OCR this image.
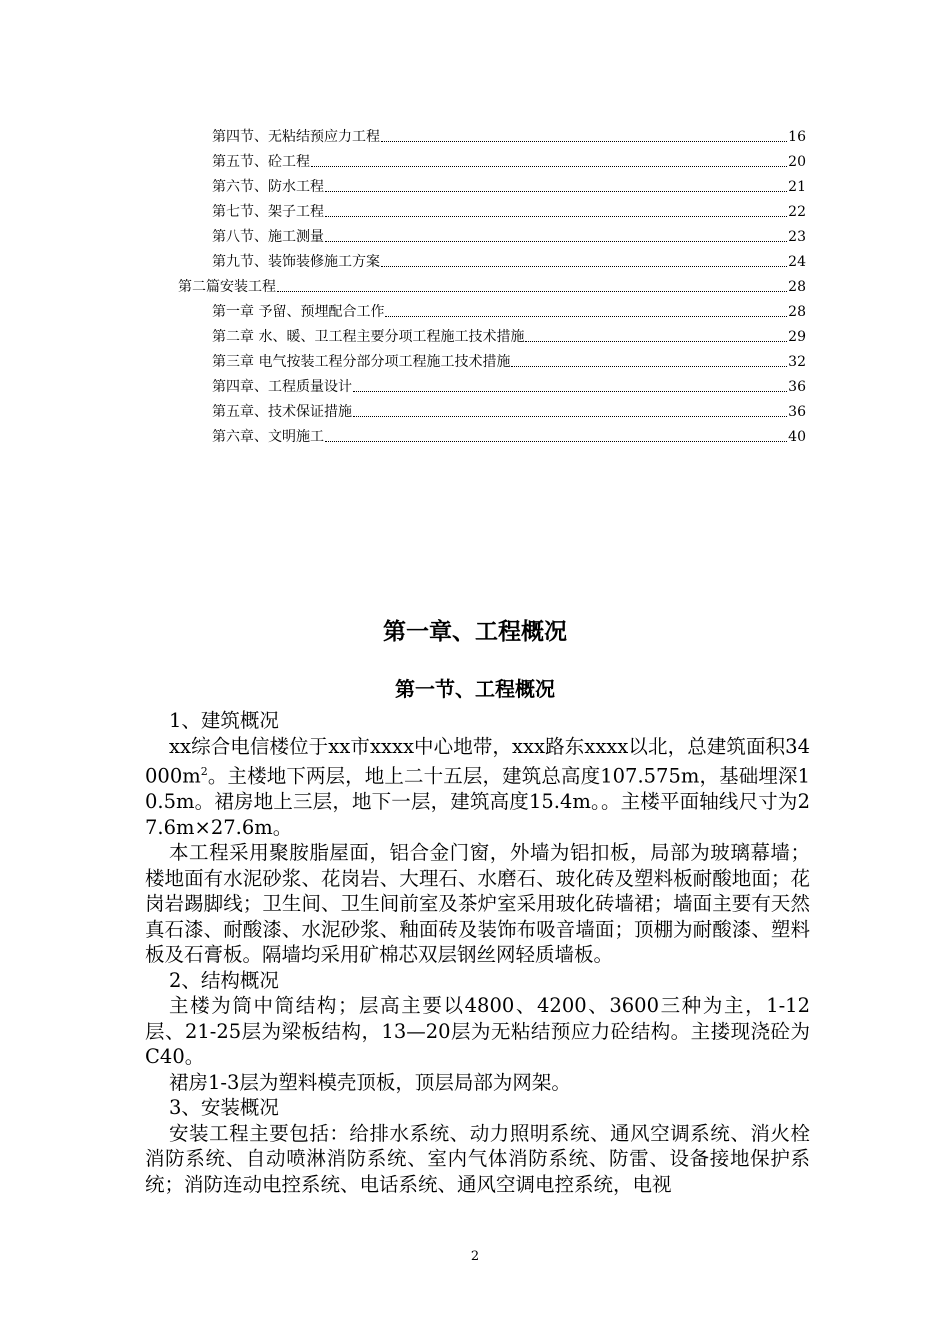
第四节、无粘结预应力工程	16
第五节、砼工程	20
第六节、防水工程	21
第七节、架子工程	22
第八节、施工测量	23
第九节、装饰装修施工方案	24
第二篇安装工程	28
第一章 予留、预埋配合工作	28
第二章 水、暖、卫工程主要分项工程施工技术措施	29
第三章 电气按装工程分部分项工程施工技术措施	32
第四章、工程质量设计	36
第五章、技术保证措施	36
第六章、文明施工	40
第一章、工程概况
第一节、工程概况

1、建筑概况

xx综合电信楼位于xx市xxxx中心地带，xxx路东xxxx以北，总建筑面积$34000m^2$。主楼地下两层，地上二十五层，建筑总高度107.575m，基础埋深10.5m。裙房地上三层，地下一层，建筑高度15.4m。。主楼平面轴线尺寸为27.6m×27.6m。

本工程采用聚胺脂屋面，铝合金门窗，外墙为铝扣板，局部为玻璃幕墙；楼地面有水泥砂浆、花岗岩、大理石、水磨石、玻化砖及塑料板耐酸地面；花岗岩踢脚线；卫生间、卫生间前室及茶炉室采用玻化砖墙裙；墙面主要有天然真石漆、耐酸漆、水泥砂浆、釉面砖及装饰布吸音墙面；顶棚为耐酸漆、塑料板及石膏板。隔墙均采用矿棉芯双层钢丝网轻质墙板。

2、结构概况

主楼为筒中筒结构；层高主要以4800、4200、3600三种为主，1-12层、21-25层为梁板结构，13—20层为无粘结预应力砼结构。主搂现浇砼为C40。

裙房1-3层为塑料模壳顶板，顶层局部为网架。

3、安装概况

安装工程主要包括：给排水系统、动力照明系统、通风空调系统、消火栓消防系统、自动喷淋消防系统、室内气体消防系统、防雷、设备接地保护系统；消防连动电控系统、电话系统、通风空调电控系统，电视

2
